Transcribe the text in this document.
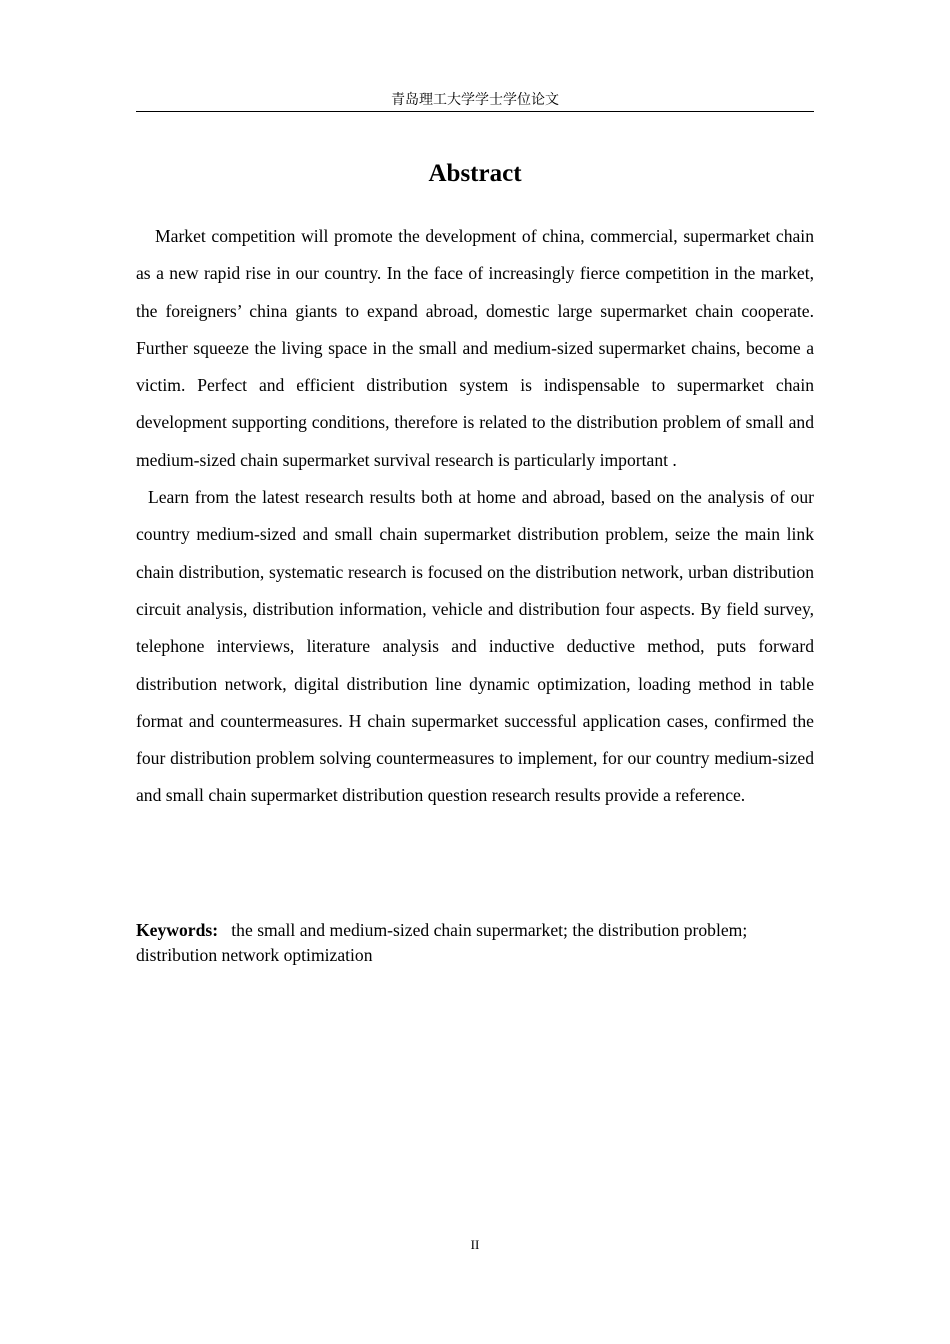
青岛理工大学学士学位论文
Abstract

Market competition will promote the development of china, commercial, supermarket chain as a new rapid rise in our country. In the face of increasingly fierce competition in the market, the foreigners’ china giants to expand abroad, domestic large supermarket chain cooperate. Further squeeze the living space in the small and medium-sized supermarket chains, become a victim. Perfect and efficient distribution system is indispensable to supermarket chain development supporting conditions, therefore is related to the distribution problem of small and medium-sized chain supermarket survival research is particularly important .

Learn from the latest research results both at home and abroad, based on the analysis of our country medium-sized and small chain supermarket distribution problem, seize the main link chain distribution, systematic research is focused on the distribution network, urban distribution circuit analysis, distribution information, vehicle and distribution four aspects. By field survey, telephone interviews, literature analysis and inductive deductive method, puts forward distribution network, digital distribution line dynamic optimization, loading method in table format and countermeasures. H chain supermarket successful application cases, confirmed the four distribution problem solving countermeasures to implement, for our country medium-sized and small chain supermarket distribution question research results provide a reference.

Keywords: the small and medium-sized chain supermarket; the distribution problem; distribution network optimization

II
